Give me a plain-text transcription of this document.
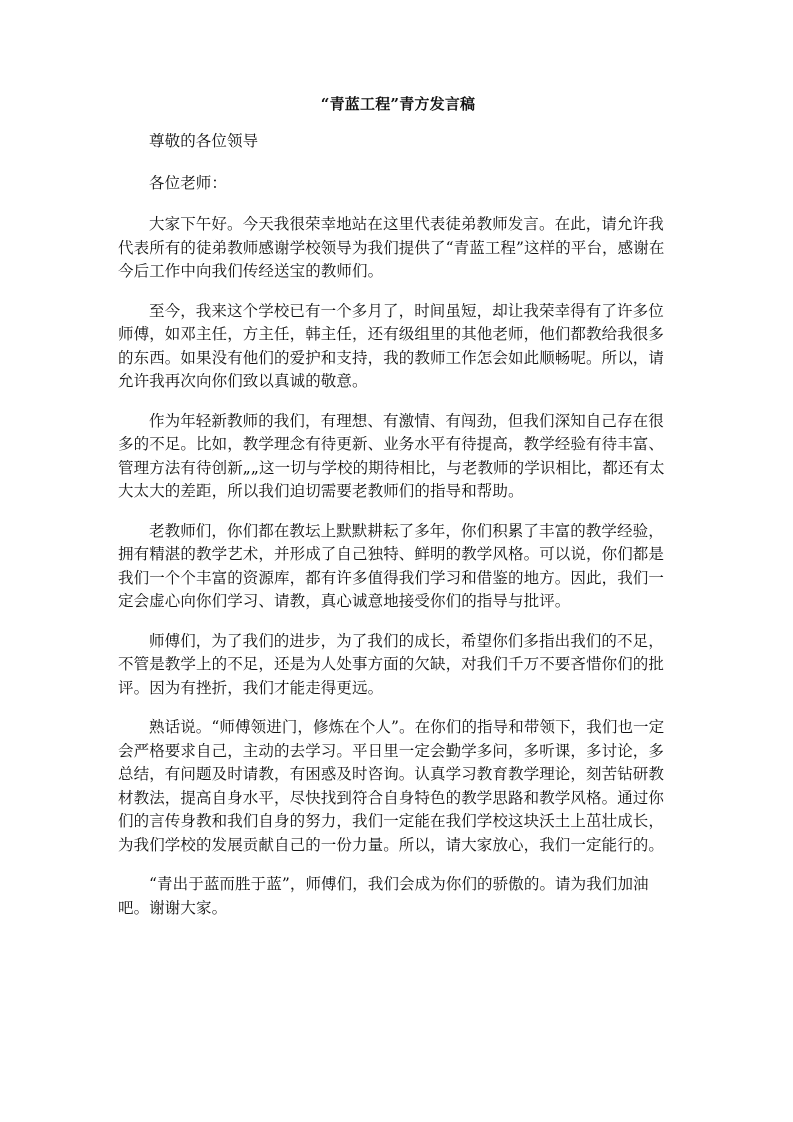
“青蓝工程”青方发言稿

尊敬的各位领导

各位老师：

大家下午好。今天我很荣幸地站在这里代表徒弟教师发言。在此，请允许我代表所有的徒弟教师感谢学校领导为我们提供了“青蓝工程”这样的平台，感谢在今后工作中向我们传经送宝的教师们。

至今，我来这个学校已有一个多月了，时间虽短，却让我荣幸得有了许多位师傅，如邓主任，方主任，韩主任，还有级组里的其他老师，他们都教给我很多的东西。如果没有他们的爱护和支持，我的教师工作怎会如此顺畅呢。所以，请允许我再次向你们致以真诚的敬意。

作为年轻新教师的我们，有理想、有激情、有闯劲，但我们深知自己存在很多的不足。比如，教学理念有待更新、业务水平有待提高，教学经验有待丰富、管理方法有待创新„„这一切与学校的期待相比，与老教师的学识相比，都还有太大太大的差距，所以我们迫切需要老教师们的指导和帮助。

老教师们，你们都在教坛上默默耕耘了多年，你们积累了丰富的教学经验，拥有精湛的教学艺术，并形成了自己独特、鲜明的教学风格。可以说，你们都是我们一个个丰富的资源库，都有许多值得我们学习和借鉴的地方。因此，我们一定会虚心向你们学习、请教，真心诚意地接受你们的指导与批评。

师傅们，为了我们的进步，为了我们的成长，希望你们多指出我们的不足，不管是教学上的不足，还是为人处事方面的欠缺，对我们千万不要吝惜你们的批评。因为有挫折，我们才能走得更远。

熟话说。“师傅领进门，修炼在个人”。在你们的指导和带领下，我们也一定会严格要求自己，主动的去学习。平日里一定会勤学多问，多听课，多讨论，多总结，有问题及时请教，有困惑及时咨询。认真学习教育教学理论，刻苦钻研教材教法，提高自身水平，尽快找到符合自身特色的教学思路和教学风格。通过你们的言传身教和我们自身的努力，我们一定能在我们学校这块沃土上茁壮成长，为我们学校的发展贡献自己的一份力量。所以，请大家放心，我们一定能行的。

“青出于蓝而胜于蓝”，师傅们，我们会成为你们的骄傲的。请为我们加油吧。谢谢大家。
